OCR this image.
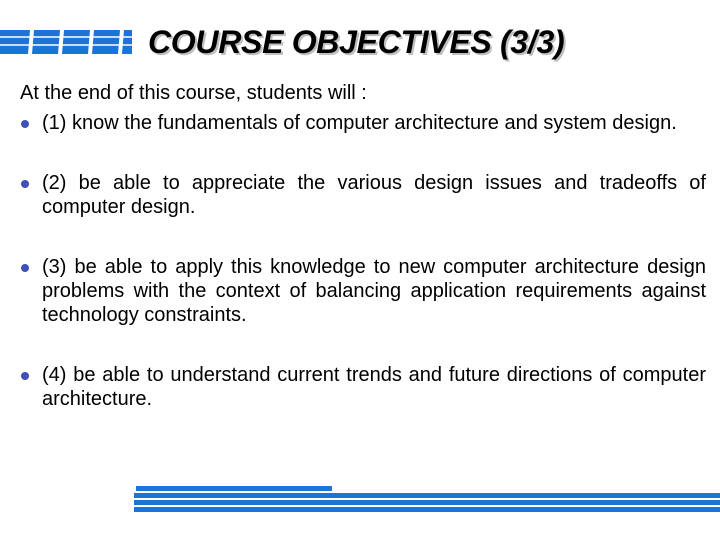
COURSE OBJECTIVES (3/3)

At the end of this course, students will :

(1) know the fundamentals of computer architecture and system design.
(2) be able to appreciate the various design issues and tradeoffs of computer design.
(3) be able to apply this knowledge to new computer architecture design problems with the context of balancing application requirements against technology constraints.
(4) be able to understand current trends and future directions of computer architecture.
